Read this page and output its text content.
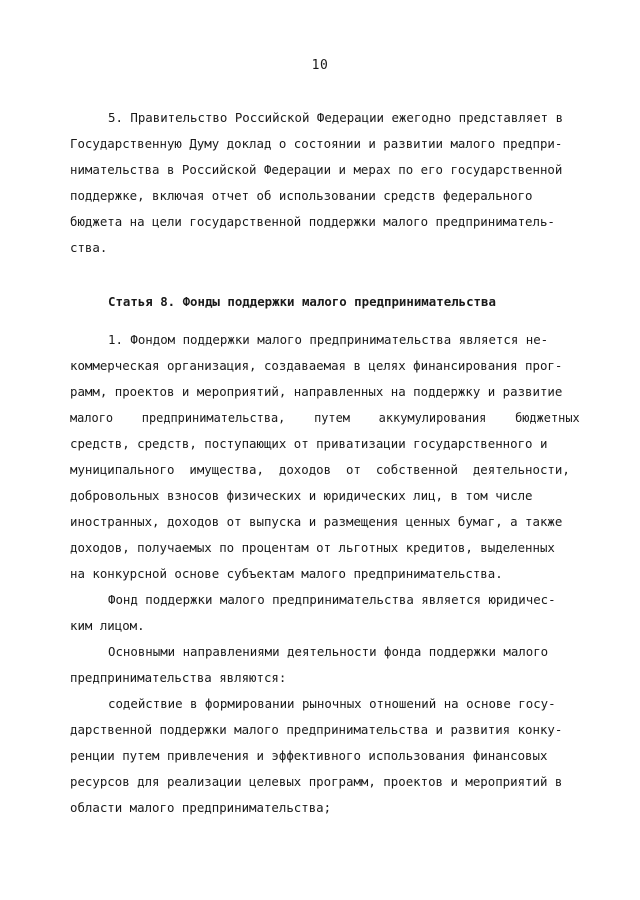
10
5. Правительство Российской Федерации ежегодно представляет в
Государственную Думу доклад о состоянии и развитии малого предпри-
нимательства в Российской Федерации и мерах по его государственной
поддержке, включая отчет об использовании средств федерального
бюджета на цели государственной поддержки малого предприниматель-
ства.
Статья 8. Фонды поддержки малого предпринимательства
1. Фондом поддержки малого предпринимательства является не-
коммерческая организация, создаваемая в целях финансирования прог-
рамм, проектов и мероприятий, направленных на поддержку и развитие
малого    предпринимательства,    путем    аккумулирования    бюджетных
средств, средств, поступающих от приватизации государственного и
муниципального  имущества,  доходов  от  собственной  деятельности,
добровольных взносов физических и юридических лиц, в том числе
иностранных, доходов от выпуска и размещения ценных бумаг, а также
доходов, получаемых по процентам от льготных кредитов, выделенных
на конкурсной основе субъектам малого предпринимательства.
Фонд поддержки малого предпринимательства является юридичес-
ким лицом.
Основными направлениями деятельности фонда поддержки малого
предпринимательства являются:
содействие в формировании рыночных отношений на основе госу-
дарственной поддержки малого предпринимательства и развития конку-
ренции путем привлечения и эффективного использования финансовых
ресурсов для реализации целевых программ, проектов и мероприятий в
области малого предпринимательства;
